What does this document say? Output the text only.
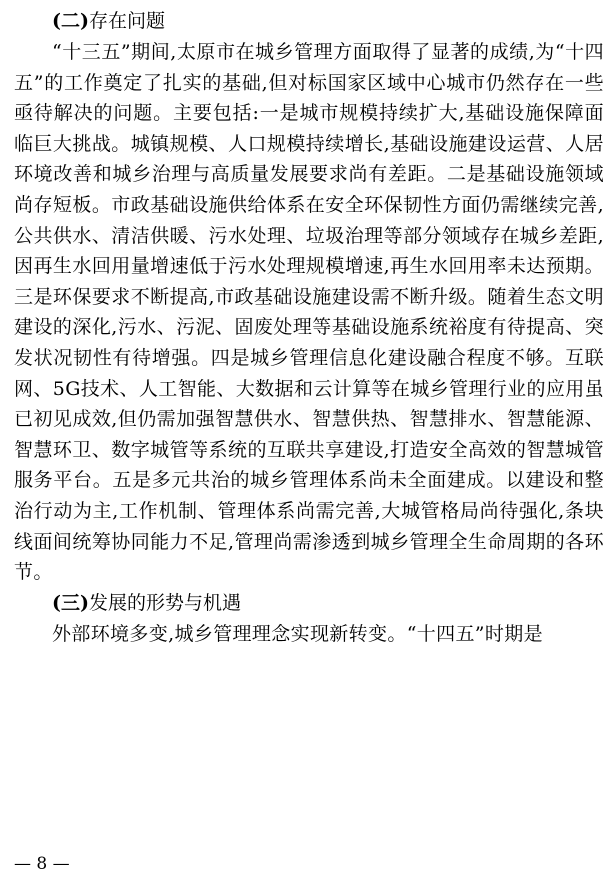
(二)存在问题

“十三五”期间,太原市在城乡管理方面取得了显著的成绩,为“十四五”的工作奠定了扎实的基础,但对标国家区域中心城市仍然存在一些亟待解决的问题。主要包括:一是城市规模持续扩大,基础设施保障面临巨大挑战。城镇规模、人口规模持续增长,基础设施建设运营、人居环境改善和城乡治理与高质量发展要求尚有差距。二是基础设施领域尚存短板。市政基础设施供给体系在安全环保韧性方面仍需继续完善,公共供水、清洁供暖、污水处理、垃圾治理等部分领域存在城乡差距,因再生水回用量增速低于污水处理规模增速,再生水回用率未达预期。三是环保要求不断提高,市政基础设施建设需不断升级。随着生态文明建设的深化,污水、污泥、固废处理等基础设施系统裕度有待提高、突发状况韧性有待增强。四是城乡管理信息化建设融合程度不够。互联网、5G技术、人工智能、大数据和云计算等在城乡管理行业的应用虽已初见成效,但仍需加强智慧供水、智慧供热、智慧排水、智慧能源、智慧环卫、数字城管等系统的互联共享建设,打造安全高效的智慧城管服务平台。五是多元共治的城乡管理体系尚未全面建成。以建设和整治行动为主,工作机制、管理体系尚需完善,大城管格局尚待强化,条块线面间统筹协同能力不足,管理尚需渗透到城乡管理全生命周期的各环节。

(三)发展的形势与机遇

外部环境多变,城乡管理理念实现新转变。“十四五”时期是

— 8 —
